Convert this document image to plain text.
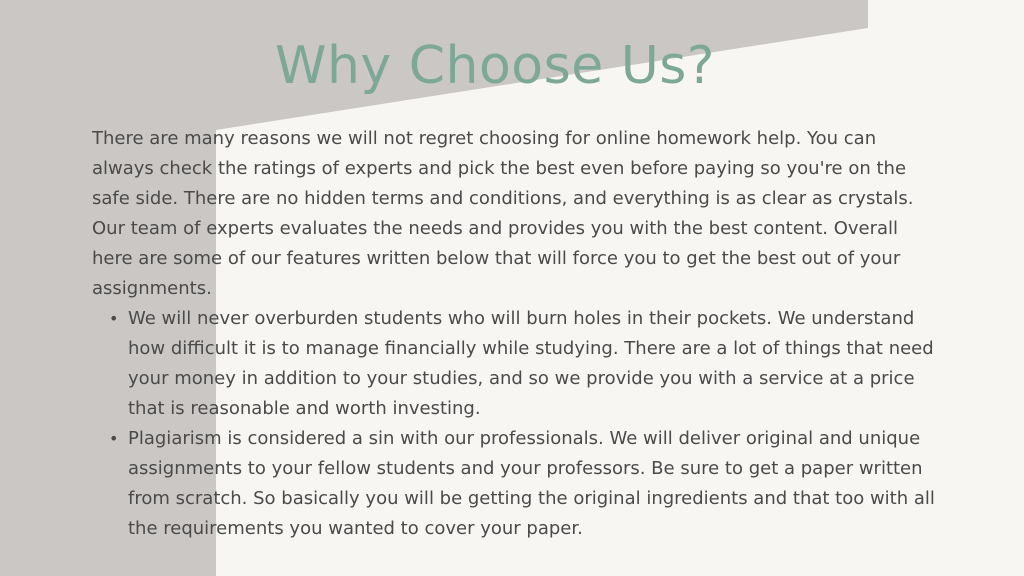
Why Choose Us?

There are many reasons we will not regret choosing for online homework help. You can always check the ratings of experts and pick the best even before paying so you're on the safe side. There are no hidden terms and conditions, and everything is as clear as crystals. Our team of experts evaluates the needs and provides you with the best content. Overall here are some of our features written below that will force you to get the best out of your assignments.

• We will never overburden students who will burn holes in their pockets. We understand how difficult it is to manage financially while studying. There are a lot of things that need your money in addition to your studies, and so we provide you with a service at a price that is reasonable and worth investing.
• Plagiarism is considered a sin with our professionals. We will deliver original and unique assignments to your fellow students and your professors. Be sure to get a paper written from scratch. So basically you will be getting the original ingredients and that too with all the requirements you wanted to cover your paper.
